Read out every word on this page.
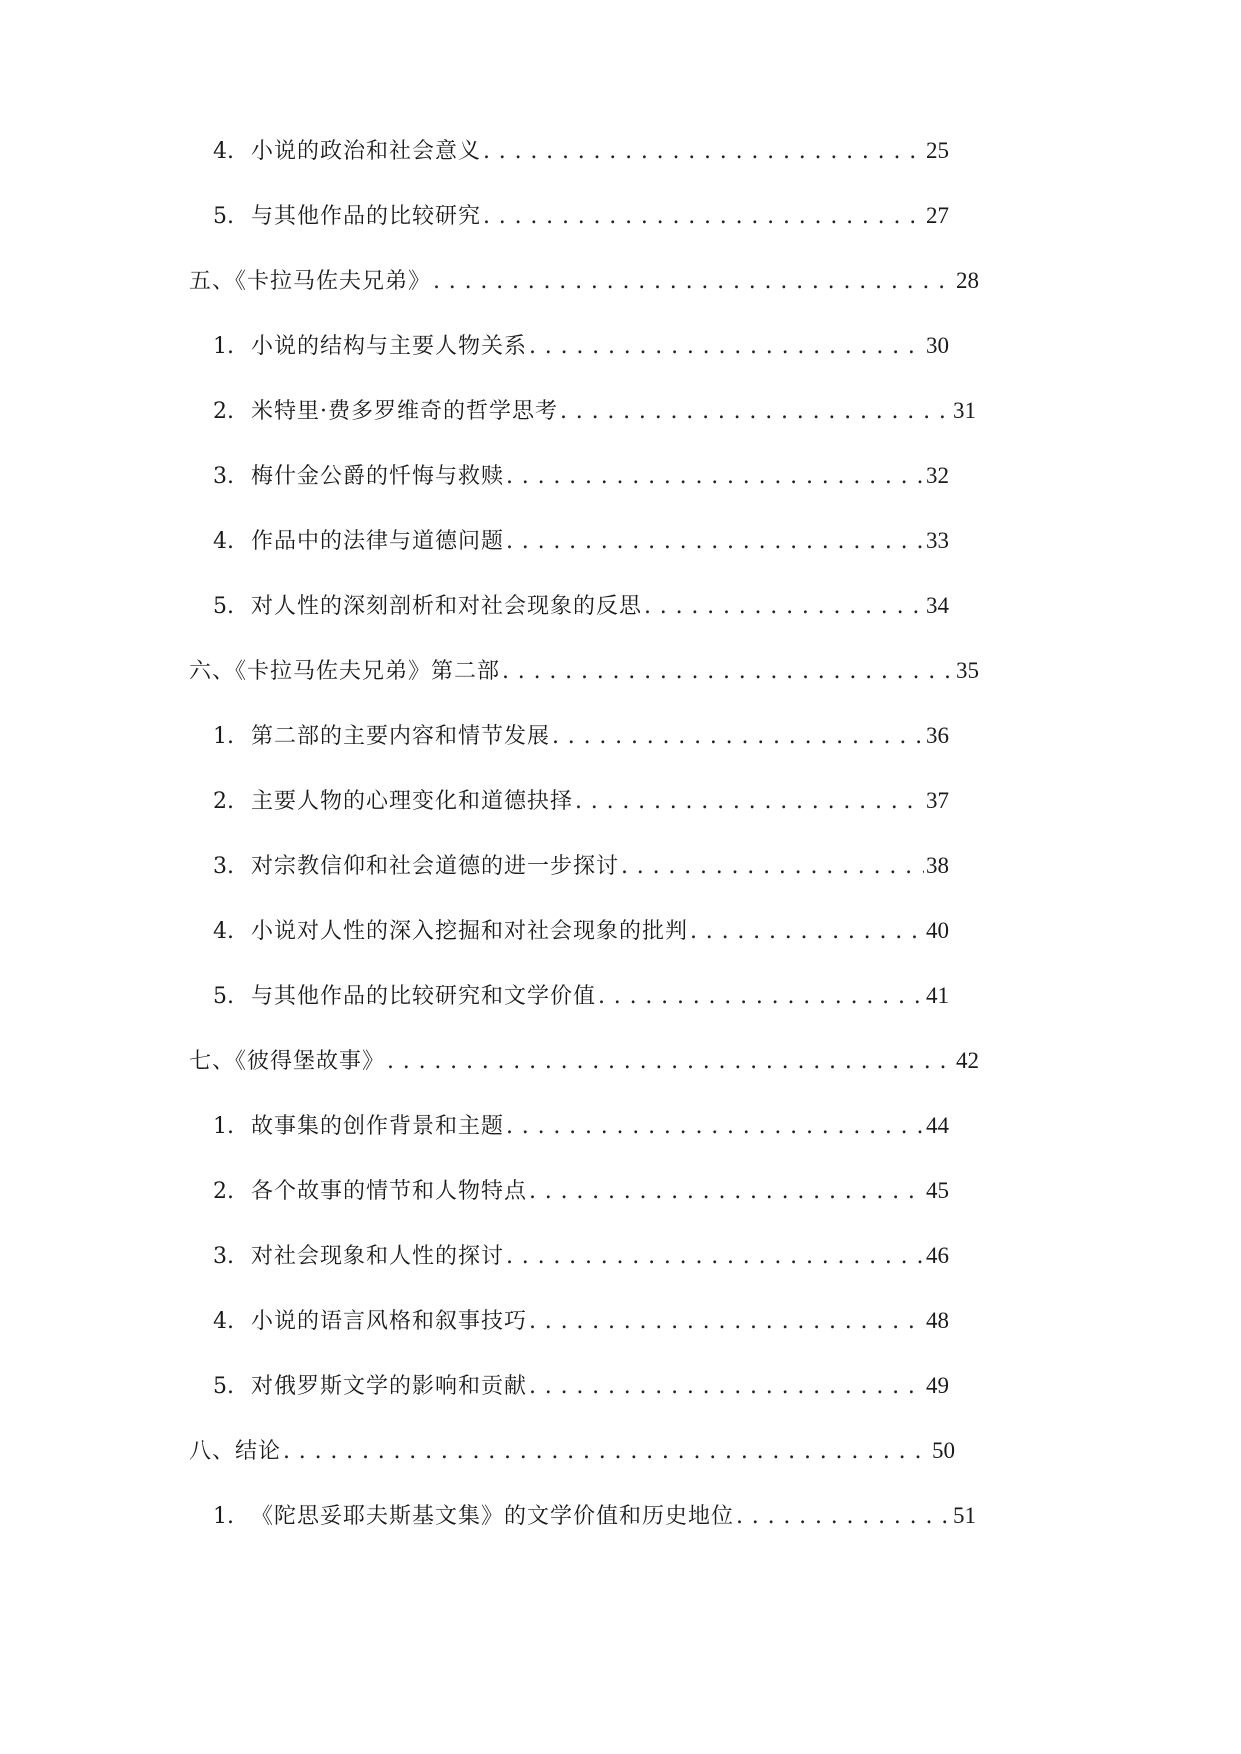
4. 小说的政治和社会意义 . . .	25
5. 与其他作品的比较研究 . . .	27
五、《卡拉马佐夫兄弟》 . . .	28
1. 小说的结构与主要人物关系 . . .	30
2. 米特里·费多罗维奇的哲学思考 . . .	31
3. 梅什金公爵的忏悔与救赎 . . .	32
4. 作品中的法律与道德问题 . . .	33
5. 对人性的深刻剖析和对社会现象的反思 . . .	34
六、《卡拉马佐夫兄弟》第二部 . . .	35
1. 第二部的主要内容和情节发展 . . .	36
2. 主要人物的心理变化和道德抉择 . . .	37
3. 对宗教信仰和社会道德的进一步探讨 . . .	38
4. 小说对人性的深入挖掘和对社会现象的批判 . . .	40
5. 与其他作品的比较研究和文学价值 . . .	41
七、《彼得堡故事》 . . .	42
1. 故事集的创作背景和主题 . . .	44
2. 各个故事的情节和人物特点 . . .	45
3. 对社会现象和人性的探讨 . . .	46
4. 小说的语言风格和叙事技巧 . . .	48
5. 对俄罗斯文学的影响和贡献 . . .	49
八、结论 . . .	50
1. 《陀思妥耶夫斯基文集》的文学价值和历史地位 . . .	51
